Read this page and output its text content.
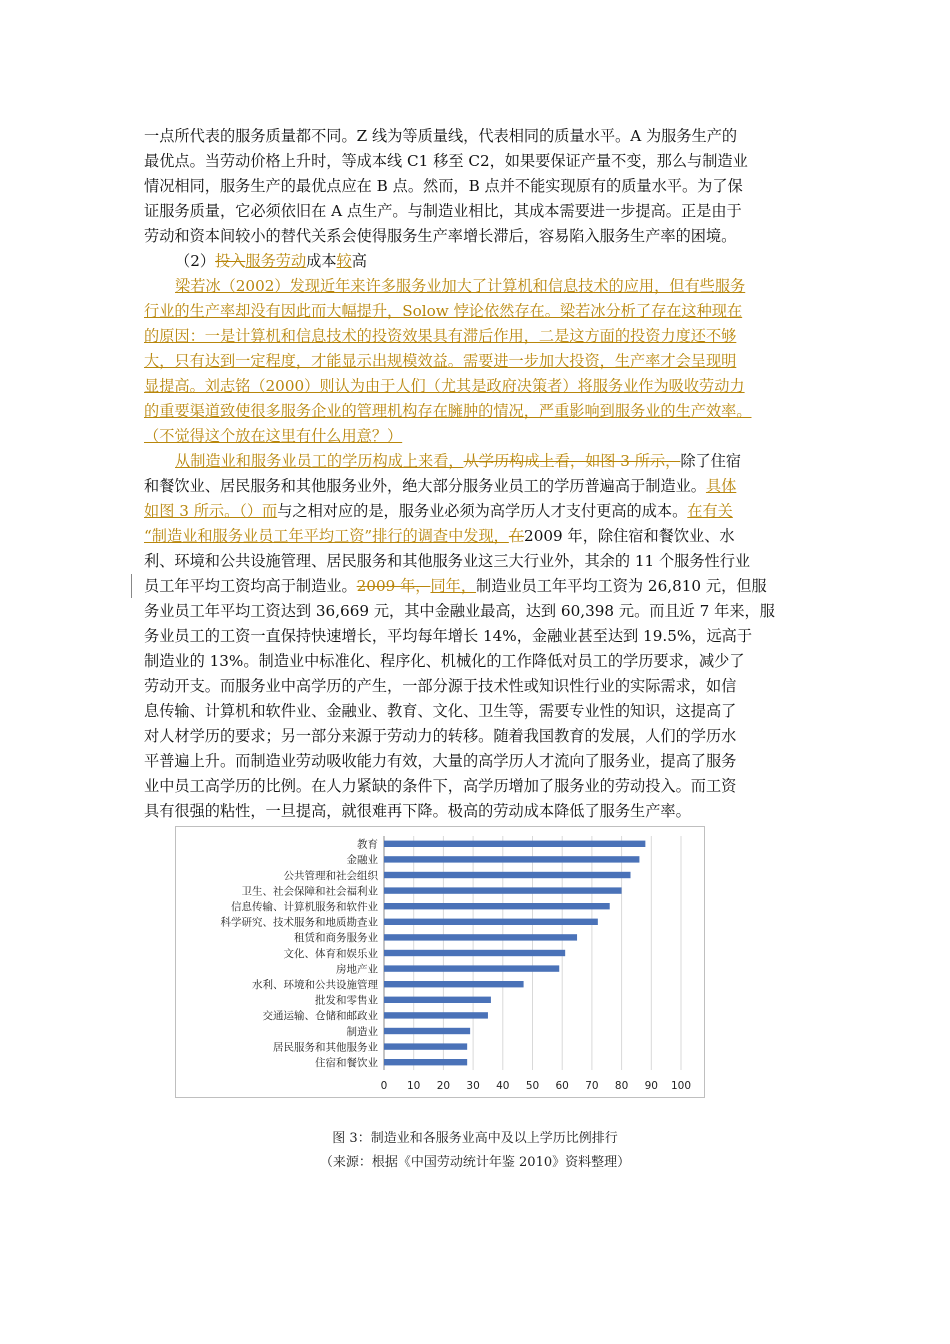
一点所代表的服务质量都不同。Z 线为等质量线，代表相同的质量水平。A 为服务生产的
最优点。当劳动价格上升时，等成本线 C1 移至 C2，如果要保证产量不变，那么与制造业
情况相同，服务生产的最优点应在 B 点。然而，B 点并不能实现原有的质量水平。为了保
证服务质量，它必须依旧在 A 点生产。与制造业相比，其成本需要进一步提高。正是由于
劳动和资本间较小的替代关系会使得服务生产率增长滞后，容易陷入服务生产率的困境。
（2）投入服务劳动成本较高
梁若冰（2002）发现近年来许多服务业加大了计算机和信息技术的应用，但有些服务
行业的生产率却没有因此而大幅提升，Solow 悖论依然存在。梁若冰分析了存在这种现在
的原因：一是计算机和信息技术的投资效果具有滞后作用，二是这方面的投资力度还不够
大，只有达到一定程度，才能显示出规模效益。需要进一步加大投资，生产率才会呈现明
显提高。刘志铭（2000）则认为由于人们（尤其是政府决策者）将服务业作为吸收劳动力
的重要渠道致使很多服务企业的管理机构存在臃肿的情况，严重影响到服务业的生产效率。
（不觉得这个放在这里有什么用意？）
从制造业和服务业员工的学历构成上来看，从学历构成上看，如图 3 所示，除了住宿
和餐饮业、居民服务和其他服务业外，绝大部分服务业员工的学历普遍高于制造业。具体
如图 3 所示。（）而与之相对应的是，服务业必须为高学历人才支付更高的成本。在有关
“制造业和服务业员工年平均工资”排行的调查中发现，在2009 年，除住宿和餐饮业、水
利、环境和公共设施管理、居民服务和其他服务业这三大行业外，其余的 11 个服务性行业
员工年平均工资均高于制造业。2009 年，同年，制造业员工年平均工资为 26,810 元，但服
务业员工年平均工资达到 36,669 元，其中金融业最高，达到 60,398 元。而且近 7 年来，服
务业员工的工资一直保持快速增长，平均每年增长 14%，金融业甚至达到 19.5%，远高于
制造业的 13%。制造业中标准化、程序化、机械化的工作降低对员工的学历要求，减少了
劳动开支。而服务业中高学历的产生，一部分源于技术性或知识性行业的实际需求，如信
息传输、计算机和软件业、金融业、教育、文化、卫生等，需要专业性的知识，这提高了
对人材学历的要求；另一部分来源于劳动力的转移。随着我国教育的发展，人们的学历水
平普遍上升。而制造业劳动吸收能力有效，大量的高学历人才流向了服务业，提高了服务
业中员工高学历的比例。在人力紧缺的条件下，高学历增加了服务业的劳动投入。而工资
具有很强的粘性，一旦提高，就很难再下降。极高的劳动成本降低了服务生产率。
教育
金融业
公共管理和社会组织
卫生、社会保障和社会福利业
信息传输、计算机服务和软件业
科学研究、技术服务和地质勘查业
租赁和商务服务业
文化、体育和娱乐业
房地产业
水利、环境和公共设施管理
批发和零售业
交通运输、仓储和邮政业
制造业
居民服务和其他服务业
住宿和餐饮业
0 10 20 30 40 50 60 70 80 90 100
图 3：制造业和各服务业高中及以上学历比例排行
（来源：根据《中国劳动统计年鉴 2010》资料整理）
